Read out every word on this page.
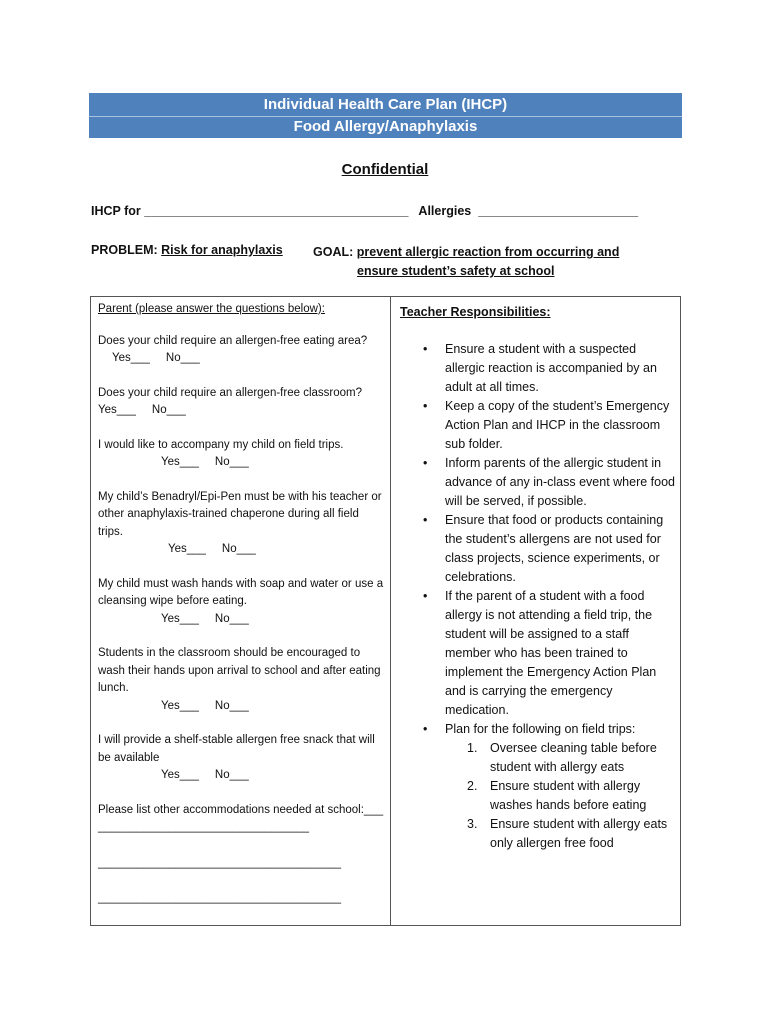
Individual Health Care Plan (IHCP)
Food Allergy/Anaphylaxis
Confidential
IHCP for ______________________________________ Allergies _______________________
PROBLEM: Risk for anaphylaxis GOAL: prevent allergic reaction from occurring and
ensure student’s safety at school
Parent (please answer the questions below):
Does your child require an allergen-free eating area? Yes___     No___
Does your child require an allergen-free classroom? Yes___     No___
I would like to accompany my child on field trips.
Yes___     No___
My child’s Benadryl/Epi-Pen must be with his teacher or other anaphylaxis-trained chaperone during all field trips.
Yes___     No___
My child must wash hands with soap and water or use a cleansing wipe before eating.
Yes___     No___
Students in the classroom should be encouraged to wash their hands upon arrival to school and after eating lunch.
Yes___     No___
I will provide a shelf-stable allergen free snack that will be available
Yes___     No___
Please list other accommodations needed at school:____________________________________
______________________________________
______________________________________
Teacher Responsibilities:
• Ensure a student with a suspected allergic reaction is accompanied by an adult at all times.
• Keep a copy of the student’s Emergency Action Plan and IHCP in the classroom sub folder.
• Inform parents of the allergic student in advance of any in-class event where food will be served, if possible.
• Ensure that food or products containing the student’s allergens are not used for class projects, science experiments, or celebrations.
• If the parent of a student with a food allergy is not attending a field trip, the student will be assigned to a staff member who has been trained to implement the Emergency Action Plan and is carrying the emergency medication.
• Plan for the following on field trips:
1. Oversee cleaning table before student with allergy eats
2. Ensure student with allergy washes hands before eating
3. Ensure student with allergy eats only allergen free food
